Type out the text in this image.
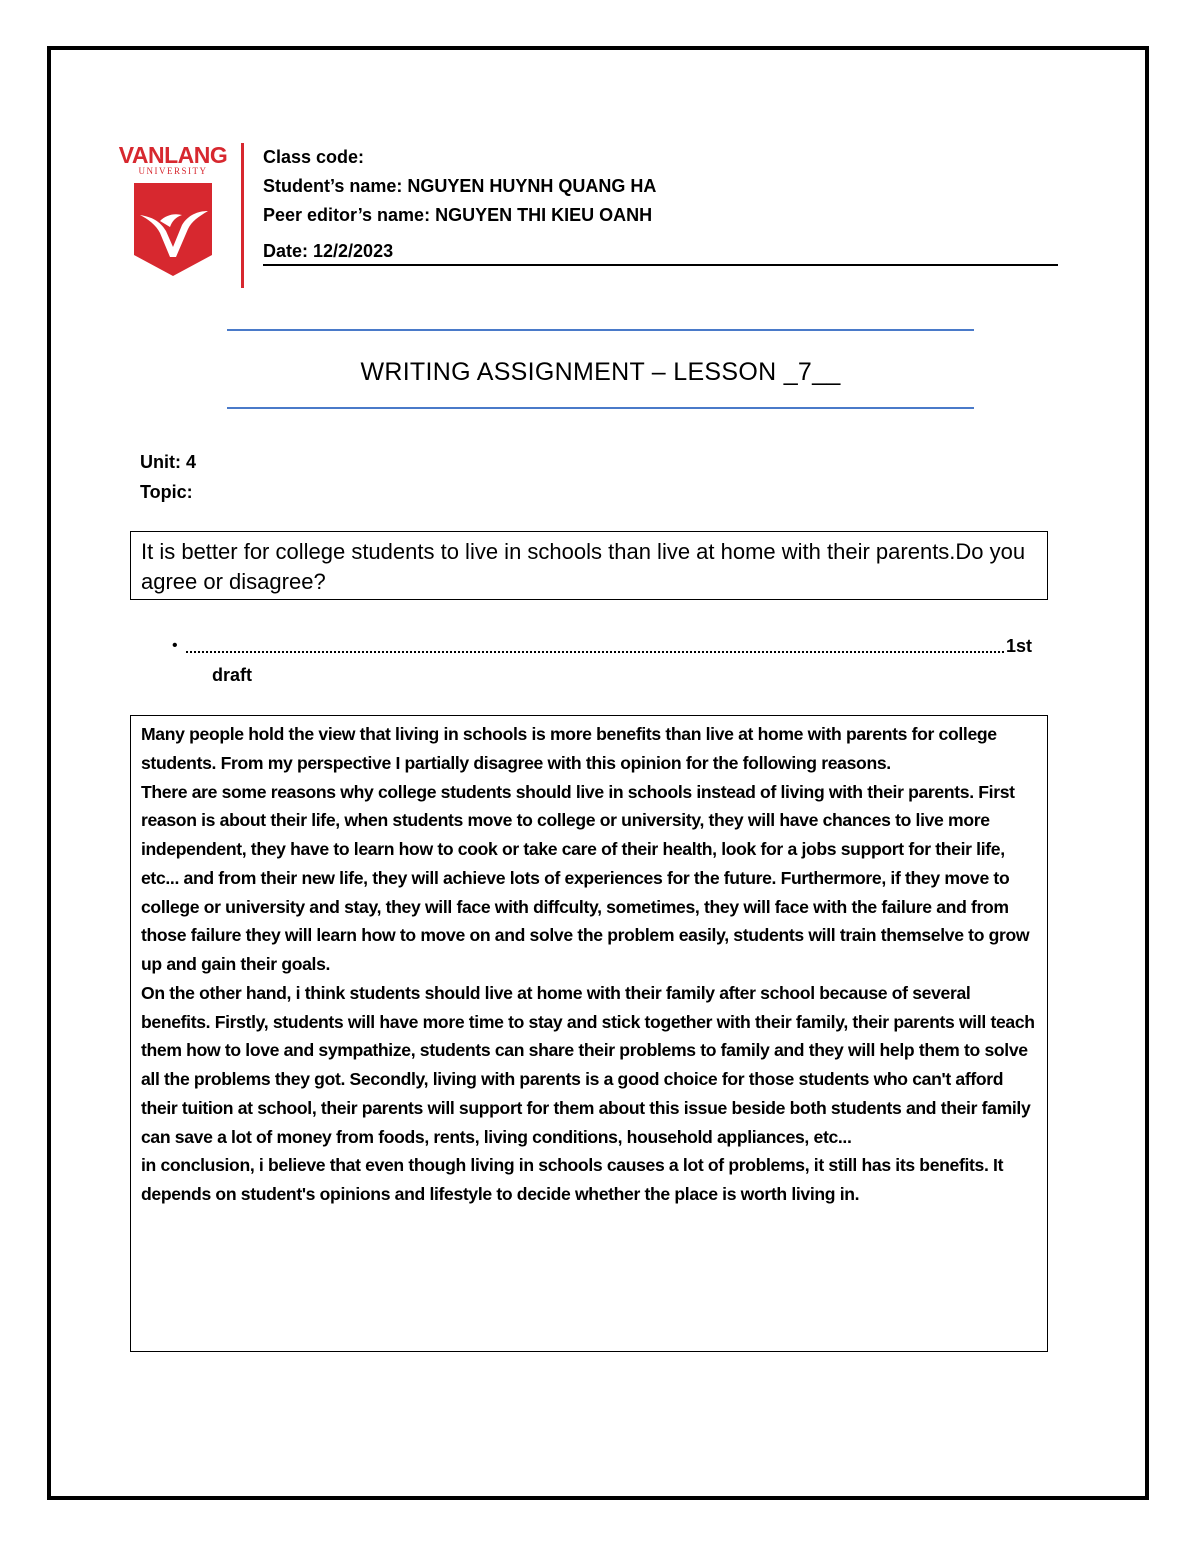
VANLANG
UNIVERSITY
Class code:
Student’s name: NGUYEN HUYNH QUANG HA
Peer editor’s name: NGUYEN THI KIEU OANH
Date: 12/2/2023
WRITING ASSIGNMENT – LESSON _7__
Unit: 4
Topic:
It is better for college students to live in schools than live at home with their parents.Do you agree or disagree?
•	1st
draft

Many people hold the view that living in schools is more benefits than live at home with parents for college students. From my perspective I partially disagree with this opinion for the following reasons.

There are some reasons why college students should live in schools instead of living with their parents. First reason is about their life, when students move to college or university, they will have chances to live more independent, they have to learn how to cook or take care of their health, look for a jobs support for their life, etc... and from their new life, they will achieve lots of experiences for the future. Furthermore, if they move to college or university and stay, they will face with diffculty, sometimes, they will face with the failure and from those failure they will learn how to move on and solve the problem easily, students will train themselve to grow up and gain their goals.

On the other hand, i think students should live at home with their family after school because of several benefits. Firstly, students will have more time to stay and stick together with their family, their parents will teach them how to love and sympathize, students can share their problems to family and they will help them to solve all the problems they got. Secondly, living with parents is a good choice for those students who can't afford their tuition at school, their parents will support for them about this issue beside both students and their family can save a lot of money from foods, rents, living conditions, household appliances, etc...

in conclusion, i believe that even though living in schools causes a lot of problems, it still has its benefits. It depends on student's opinions and lifestyle to decide whether the place is worth living in.
